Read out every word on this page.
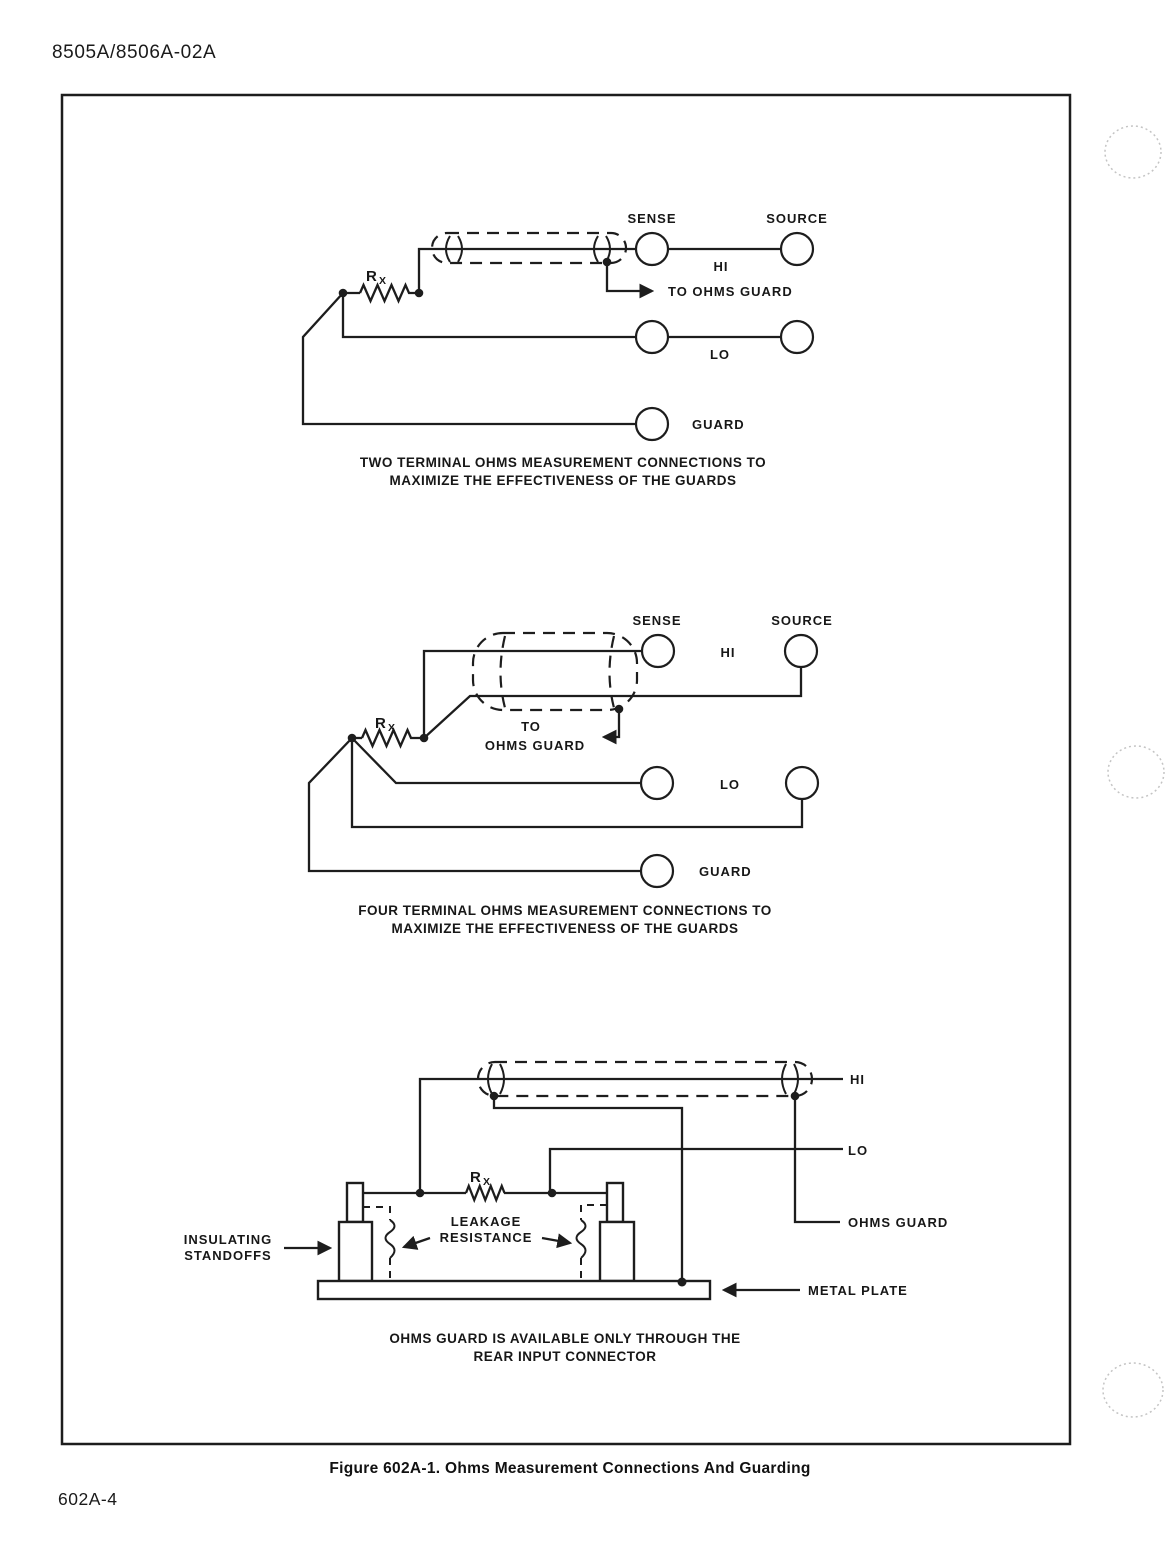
8505A/8506A-02A
SENSE	SOURCE
HI
TO OHMS GUARD
R X
LO
GUARD
TWO TERMINAL OHMS MEASUREMENT CONNECTIONS TO
MAXIMIZE THE EFFECTIVENESS OF THE GUARDS
SENSE	SOURCE
HI
TO
OHMS GUARD
R X
LO
GUARD
FOUR TERMINAL OHMS MEASUREMENT CONNECTIONS TO
MAXIMIZE THE EFFECTIVENESS OF THE GUARDS
HI
OHMS GUARD
LO
R X
LEAKAGE
RESISTANCE
METAL PLATE
INSULATING
STANDOFFS
OHMS GUARD IS AVAILABLE ONLY THROUGH THE
REAR INPUT CONNECTOR
Figure 602A-1. Ohms Measurement Connections And Guarding
602A-4
